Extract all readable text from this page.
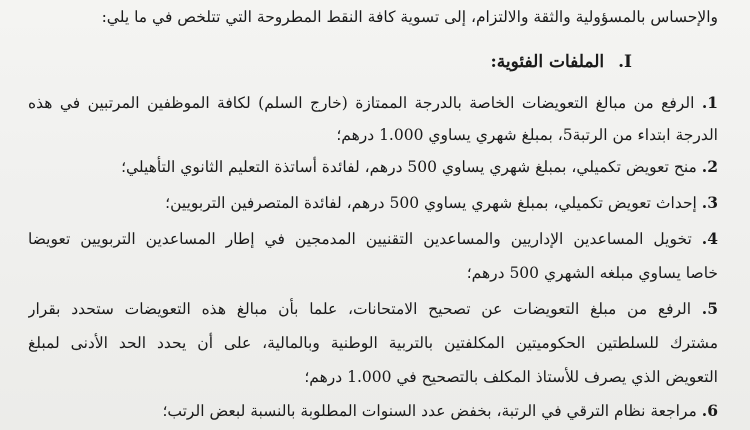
والإحساس بالمسؤولية والثقة والالتزام، إلى تسوية كافة النقط المطروحة التي تتلخص في ما يلي:
I.الملفات الفئوية:
1. الرفع من مبالغ التعويضات الخاصة بالدرجة الممتازة (خارج السلم) لكافة الموظفين المرتبين في هذه
الدرجة ابتداء من الرتبة5، بمبلغ شهري يساوي 1.000 درهم؛
2. منح تعويض تكميلي، بمبلغ شهري يساوي 500 درهم، لفائدة أساتذة التعليم الثانوي التأهيلي؛
3. إحداث تعويض تكميلي، بمبلغ شهري يساوي 500 درهم، لفائدة المتصرفين التربويين؛
4. تخويل المساعدين الإداريين والمساعدين التقنيين المدمجين في إطار المساعدين التربويين تعويضا
خاصا يساوي مبلغه الشهري 500 درهم؛
5. الرفع من مبلغ التعويضات عن تصحيح الامتحانات، علما بأن مبالغ هذه التعويضات ستحدد بقرار
مشترك للسلطتين الحكوميتين المكلفتين بالتربية الوطنية وبالمالية، على أن يحدد الحد الأدنى لمبلغ
التعويض الذي يصرف للأستاذ المكلف بالتصحيح في 1.000 درهم؛
6. مراجعة نظام الترقي في الرتبة، بخفض عدد السنوات المطلوبة بالنسبة لبعض الرتب؛
